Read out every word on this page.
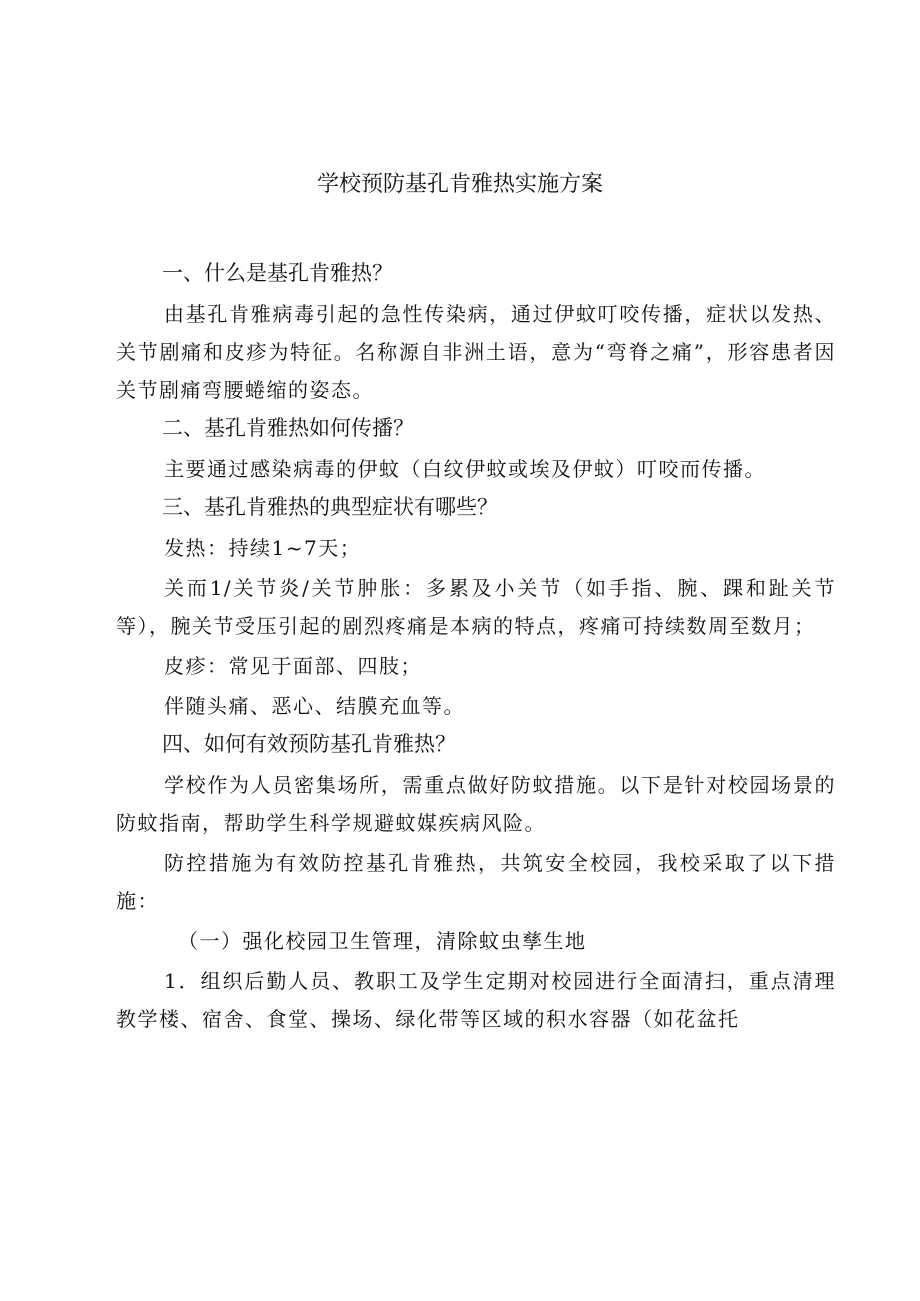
学校预防基孔肯雅热实施方案
一、什么是基孔肯雅热？

由基孔肯雅病毒引起的急性传染病，通过伊蚊叮咬传播，症状以发热、关节剧痛和皮疹为特征。名称源自非洲土语，意为“弯脊之痛”，形容患者因关节剧痛弯腰蜷缩的姿态。

二、基孔肯雅热如何传播？

主要通过感染病毒的伊蚊（白纹伊蚊或埃及伊蚊）叮咬而传播。

三、基孔肯雅热的典型症状有哪些？

发热：持续1~7天；

关而1/关节炎/关节肿胀：多累及小关节（如手指、腕、踝和趾关节等），腕关节受压引起的剧烈疼痛是本病的特点，疼痛可持续数周至数月；

皮疹：常见于面部、四肢；

伴随头痛、恶心、结膜充血等。

四、如何有效预防基孔肯雅热？

学校作为人员密集场所，需重点做好防蚊措施。以下是针对校园场景的防蚊指南，帮助学生科学规避蚊媒疾病风险。

防控措施为有效防控基孔肯雅热，共筑安全校园，我校采取了以下措施：

（一）强化校园卫生管理，清除蚊虫孳生地

1．组织后勤人员、教职工及学生定期对校园进行全面清扫，重点清理教学楼、宿舍、食堂、操场、绿化带等区域的积水容器（如花盆托
